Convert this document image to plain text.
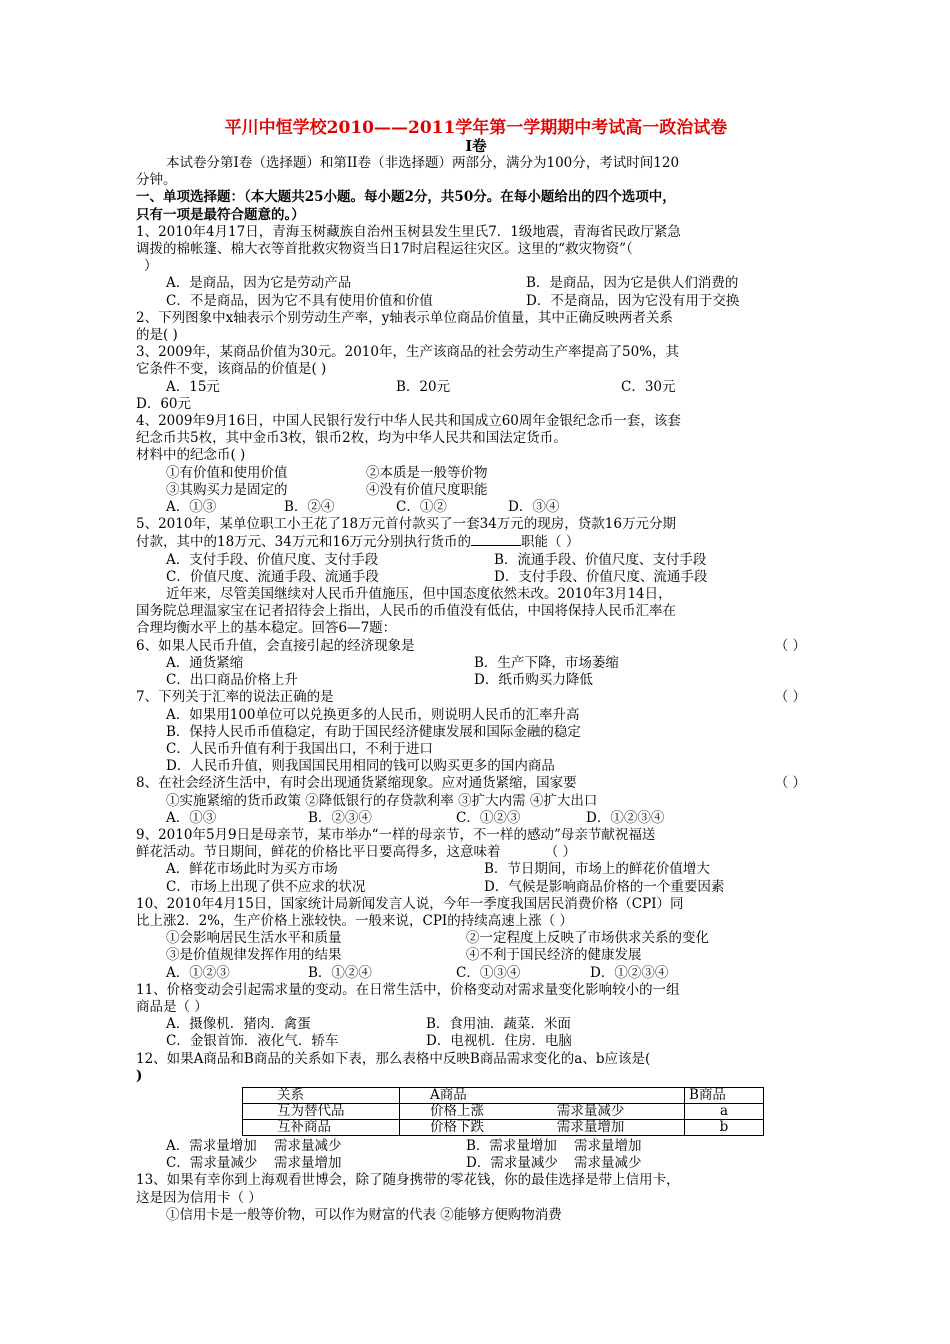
平川中恒学校2010——2011学年第一学期期中考试高一政治试卷

I卷

本试卷分第I卷（选择题）和第II卷（非选择题）两部分，满分为100分，考试时间120
分钟。
一、单项选择题：（本大题共25小题。每小题2分，共50分。在每小题给出的四个选项中，
只有一项是最符合题意的。）
1、2010年4月17日，青海玉树藏族自治州玉树县发生里氏7．1级地震，青海省民政厅紧急
调拨的棉帐篷、棉大衣等首批救灾物资当日17时启程运往灾区。这里的“救灾物资”（
）
A．是商品，因为它是劳动产品	B．是商品，因为它是供人们消费的
C．不是商品，因为它不具有使用价值和价值	D．不是商品，因为它没有用于交换
2、下列图象中x轴表示个别劳动生产率，y轴表示单位商品价值量，其中正确反映两者关系
的是( )
3、2009年，某商品价值为30元。2010年，生产该商品的社会劳动生产率提高了50%，其
它条件不变，该商品的价值是( )
A．15元	B．20元	C．30元
D．60元
4、2009年9月16日，中国人民银行发行中华人民共和国成立60周年金银纪念币一套，该套
纪念币共5枚，其中金币3枚，银币2枚，均为中华人民共和国法定货币。
材料中的纪念币( )
①有价值和使用价值	②本质是一般等价物
③其购买力是固定的	④没有价值尺度职能
A．①③	B．②④	C．①②	D．③④
5、2010年，某单位职工小王花了18万元首付款买了一套34万元的现房，贷款16万元分期
付款，其中的18万元、34万元和16万元分别执行货币的	职能（ ）
A．支付手段、价值尺度、支付手段	B．流通手段、价值尺度、支付手段
C．价值尺度、流通手段、流通手段	D．支付手段、价值尺度、流通手段
近年来，尽管美国继续对人民币升值施压，但中国态度依然未改。2010年3月14日，
国务院总理温家宝在记者招待会上指出，人民币的币值没有低估，中国将保持人民币汇率在
合理均衡水平上的基本稳定。回答6—7题：
6、如果人民币升值，会直接引起的经济现象是	（ ）
A．通货紧缩	B．生产下降，市场萎缩
C．出口商品价格上升	D．纸币购买力降低
7、下列关于汇率的说法正确的是	（ ）
A．如果用100单位可以兑换更多的人民币，则说明人民币的汇率升高
B．保持人民币币值稳定，有助于国民经济健康发展和国际金融的稳定
C．人民币升值有利于我国出口，不利于进口
D．人民币升值，则我国国民用相同的钱可以购买更多的国内商品
8、在社会经济生活中，有时会出现通货紧缩现象。应对通货紧缩，国家要	（ ）
①实施紧缩的货币政策 ②降低银行的存贷款利率 ③扩大内需 ④扩大出口
A．①③	B．②③④	C．①②③	D．①②③④
9、2010年5月9日是母亲节，某市举办“一样的母亲节，不一样的感动”母亲节献祝福送
鲜花活动。节日期间，鲜花的价格比平日要高得多，这意味着	（ ）
A．鲜花市场此时为买方市场	B．节日期间，市场上的鲜花价值增大
C．市场上出现了供不应求的状况	D．气候是影响商品价格的一个重要因素
10、2010年4月15日，国家统计局新闻发言人说，今年一季度我国居民消费价格（CPI）同
比上涨2．2%，生产价格上涨较快。一般来说，CPI的持续高速上涨（ ）
①会影响居民生活水平和质量	②一定程度上反映了市场供求关系的变化
③是价值规律发挥作用的结果	④不利于国民经济的健康发展
A．①②③	B．①②④	C．①③④	D．①②③④
11、价格变动会引起需求量的变动。在日常生活中，价格变动对需求量变化影响较小的一组
商品是（ ）
A．摄像机．猪肉．禽蛋	B．食用油．蔬菜．米面
C．金银首饰．液化气．轿车	D．电视机．住房．电脑
12、如果A商品和B商品的关系如下表，那么表格中反映B商品需求变化的a、b应该是(
)
关系	A商品		B商品
互为替代品	价格上涨	需求量减少	a
互补商品	价格下跌	需求量增加	b
A．需求量增加	需求量减少	B．需求量增加	需求量增加
C．需求量减少	需求量增加	D．需求量减少	需求量减少
13、如果有幸你到上海观看世博会，除了随身携带的零花钱，你的最佳选择是带上信用卡，
这是因为信用卡（ ）
①信用卡是一般等价物，可以作为财富的代表 ②能够方便购物消费
